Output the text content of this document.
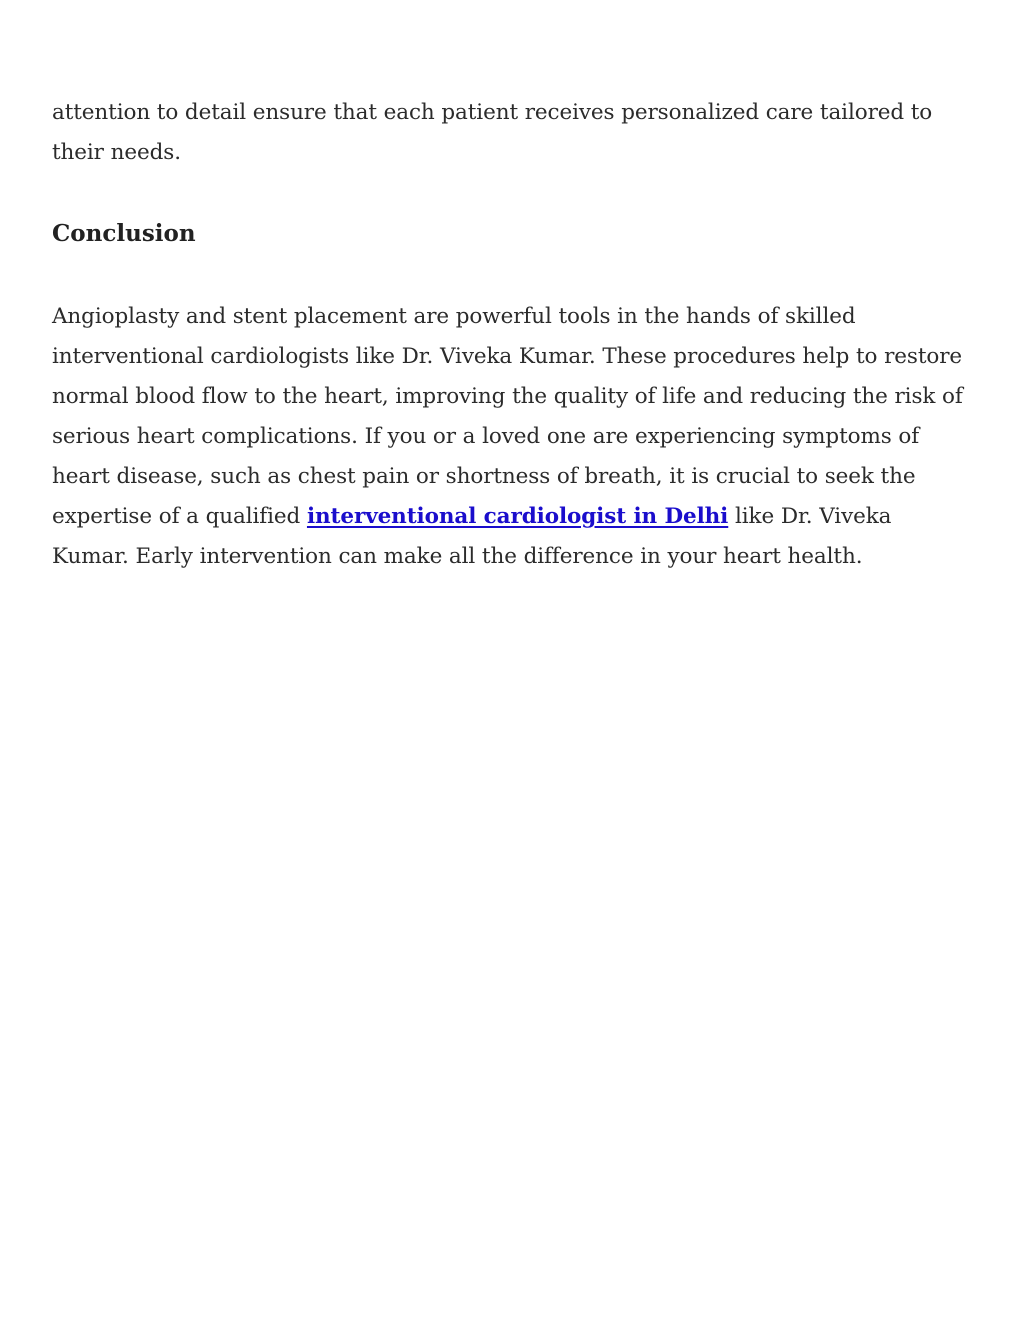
attention to detail ensure that each patient receives personalized care tailored to their needs.

Conclusion

Angioplasty and stent placement are powerful tools in the hands of skilled interventional cardiologists like Dr. Viveka Kumar. These procedures help to restore normal blood flow to the heart, improving the quality of life and reducing the risk of serious heart complications. If you or a loved one are experiencing symptoms of heart disease, such as chest pain or shortness of breath, it is crucial to seek the expertise of a qualified interventional cardiologist in Delhi like Dr. Viveka Kumar. Early intervention can make all the difference in your heart health.
